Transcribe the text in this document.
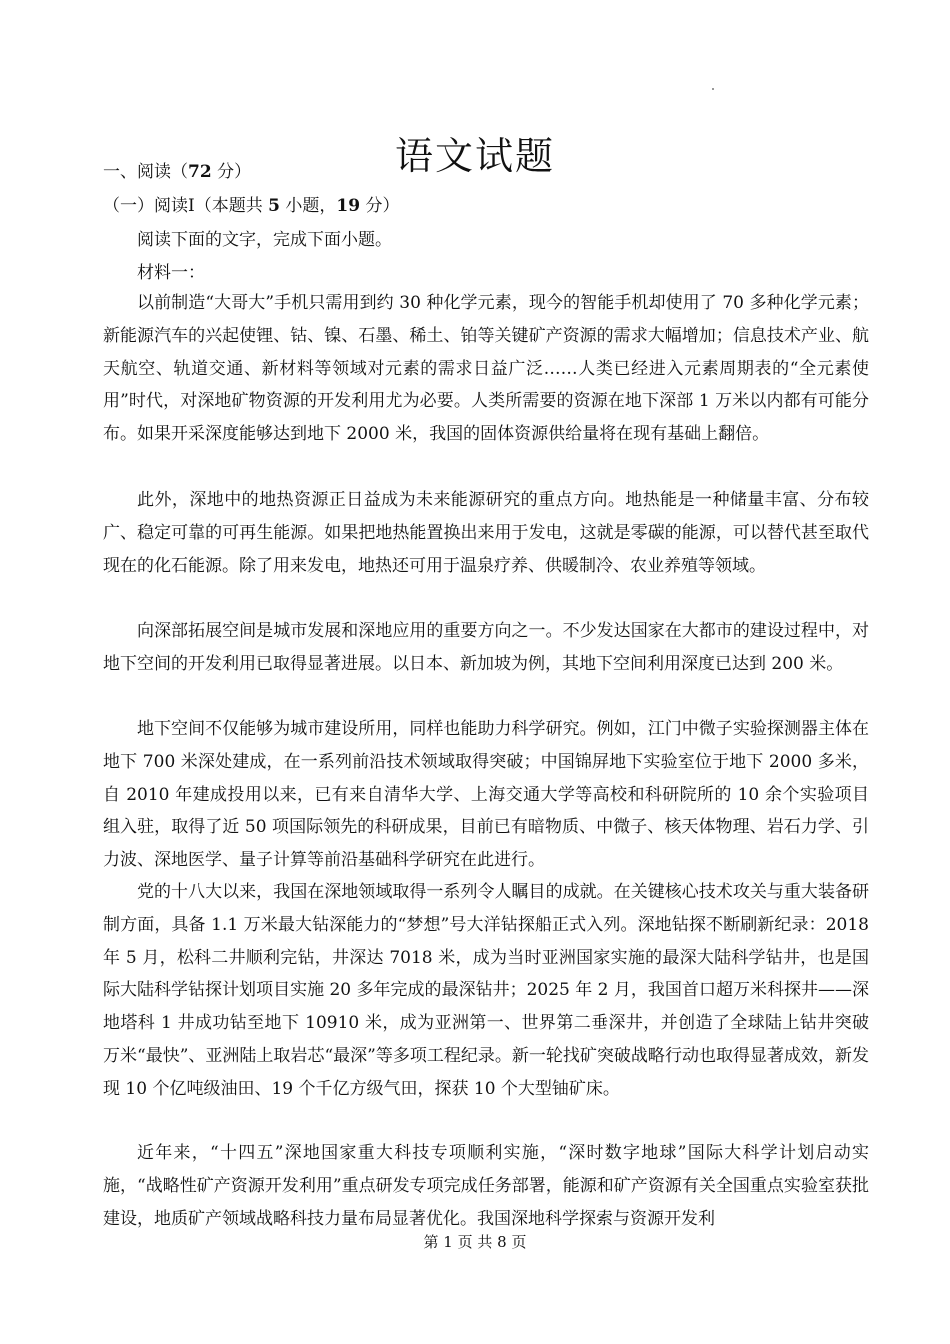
语文试题
一、阅读（72 分）
（一）阅读Ⅰ（本题共 5 小题，19 分）
阅读下面的文字，完成下面小题。
材料一：

以前制造“大哥大”手机只需用到约 30 种化学元素，现今的智能手机却使用了 70 多种化学元素；新能源汽车的兴起使锂、钴、镍、石墨、稀土、铂等关键矿产资源的需求大幅增加；信息技术产业、航天航空、轨道交通、新材料等领域对元素的需求日益广泛……人类已经进入元素周期表的“全元素使用”时代，对深地矿物资源的开发利用尤为必要。人类所需要的资源在地下深部 1 万米以内都有可能分布。如果开采深度能够达到地下 2000 米，我国的固体资源供给量将在现有基础上翻倍。

此外，深地中的地热资源正日益成为未来能源研究的重点方向。地热能是一种储量丰富、分布较广、稳定可靠的可再生能源。如果把地热能置换出来用于发电，这就是零碳的能源，可以替代甚至取代现在的化石能源。除了用来发电，地热还可用于温泉疗养、供暖制冷、农业养殖等领域。

向深部拓展空间是城市发展和深地应用的重要方向之一。不少发达国家在大都市的建设过程中，对地下空间的开发利用已取得显著进展。以日本、新加坡为例，其地下空间利用深度已达到 200 米。

地下空间不仅能够为城市建设所用，同样也能助力科学研究。例如，江门中微子实验探测器主体在地下 700 米深处建成，在一系列前沿技术领域取得突破；中国锦屏地下实验室位于地下 2000 多米，自 2010 年建成投用以来，已有来自清华大学、上海交通大学等高校和科研院所的 10 余个实验项目组入驻，取得了近 50 项国际领先的科研成果，目前已有暗物质、中微子、核天体物理、岩石力学、引力波、深地医学、量子计算等前沿基础科学研究在此进行。

党的十八大以来，我国在深地领域取得一系列令人瞩目的成就。在关键核心技术攻关与重大装备研制方面，具备 1.1 万米最大钻深能力的“梦想”号大洋钻探船正式入列。深地钻探不断刷新纪录：2018 年 5 月，松科二井顺利完钻，井深达 7018 米，成为当时亚洲国家实施的最深大陆科学钻井，也是国际大陆科学钻探计划项目实施 20 多年完成的最深钻井；2025 年 2 月，我国首口超万米科探井——深地塔科 1 井成功钻至地下 10910 米，成为亚洲第一、世界第二垂深井，并创造了全球陆上钻井突破万米“最快”、亚洲陆上取岩芯“最深”等多项工程纪录。新一轮找矿突破战略行动也取得显著成效，新发现 10 个亿吨级油田、19 个千亿方级气田，探获 10 个大型铀矿床。

近年来，“十四五”深地国家重大科技专项顺利实施，“深时数字地球”国际大科学计划启动实施，“战略性矿产资源开发利用”重点研发专项完成任务部署，能源和矿产资源有关全国重点实验室获批建设，地质矿产领域战略科技力量布局显著优化。我国深地科学探索与资源开发利

第 1 页 共 8 页
